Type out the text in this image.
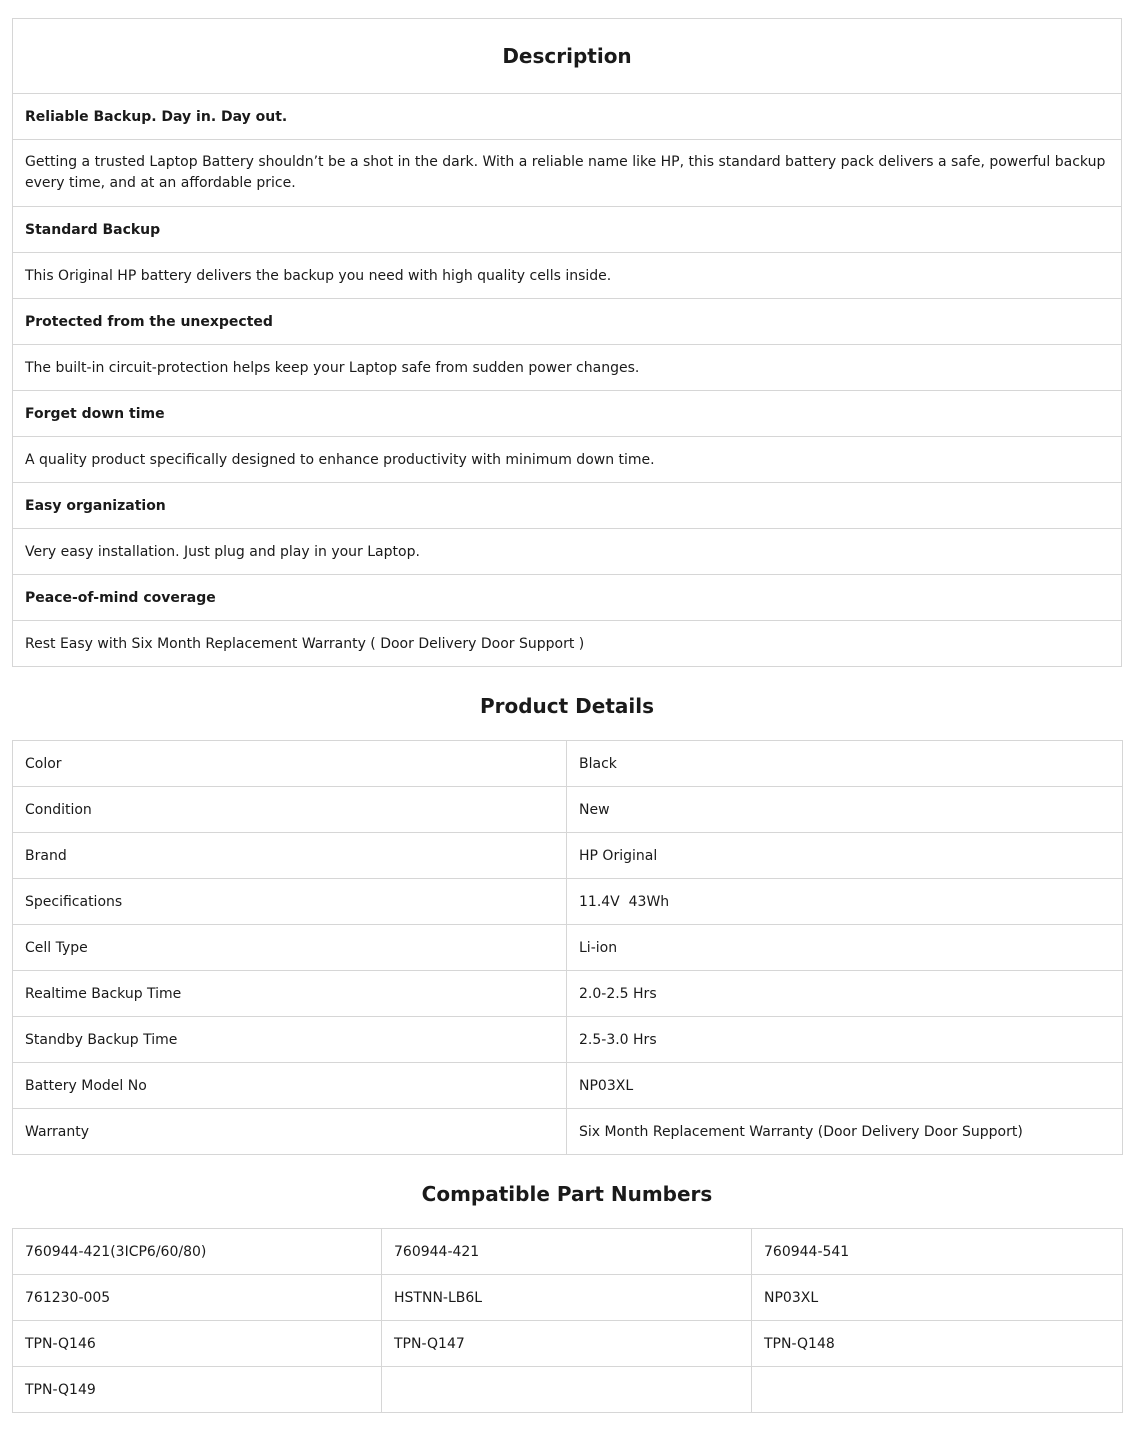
Description
Reliable Backup. Day in. Day out.
Getting a trusted Laptop Battery shouldn’t be a shot in the dark. With a reliable name like HP, this standard battery pack delivers a safe, powerful backup every time, and at an affordable price.
Standard Backup
This Original HP battery delivers the backup you need with high quality cells inside.
Protected from the unexpected
The built-in circuit-protection helps keep your Laptop safe from sudden power changes.
Forget down time
A quality product specifically designed to enhance productivity with minimum down time.
Easy organization
Very easy installation. Just plug and play in your Laptop.
Peace-of-mind coverage
Rest Easy with Six Month Replacement Warranty ( Door Delivery Door Support )
Product Details
Color	Black
Condition	New
Brand	HP Original
Specifications	11.4V  43Wh
Cell Type	Li-ion
Realtime Backup Time	2.0-2.5 Hrs
Standby Backup Time	2.5-3.0 Hrs
Battery Model No	NP03XL
Warranty	Six Month Replacement Warranty (Door Delivery Door Support)
Compatible Part Numbers
760944-421(3ICP6/60/80)	760944-421	760944-541
761230-005	HSTNN-LB6L	NP03XL
TPN-Q146	TPN-Q147	TPN-Q148
TPN-Q149		
